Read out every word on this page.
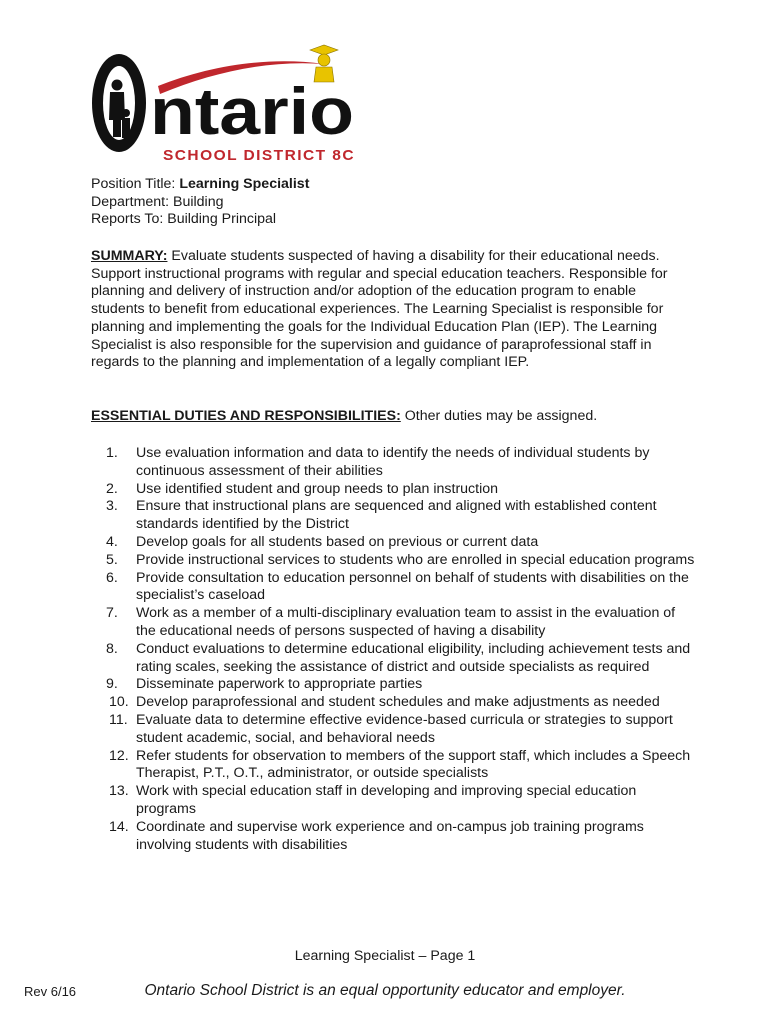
ntario
SCHOOL DISTRICT 8C
Position Title: Learning Specialist
Department: Building
Reports To: Building Principal

SUMMARY: Evaluate students suspected of having a disability for their educational needs. Support instructional programs with regular and special education teachers. Responsible for planning and delivery of instruction and/or adoption of the education program to enable students to benefit from educational experiences. The Learning Specialist is responsible for planning and implementing the goals for the Individual Education Plan (IEP). The Learning Specialist is also responsible for the supervision and guidance of paraprofessional staff in regards to the planning and implementation of a legally compliant IEP.

ESSENTIAL DUTIES AND RESPONSIBILITIES: Other duties may be assigned.
1.	Use evaluation information and data to identify the needs of individual students by continuous assessment of their abilities
2.	Use identified student and group needs to plan instruction
3.	Ensure that instructional plans are sequenced and aligned with established content standards identified by the District
4.	Develop goals for all students based on previous or current data
5.	Provide instructional services to students who are enrolled in special education programs
6.	Provide consultation to education personnel on behalf of students with disabilities on the specialist’s caseload
7.	Work as a member of a multi-disciplinary evaluation team to assist in the evaluation of the educational needs of persons suspected of having a disability
8.	Conduct evaluations to determine educational eligibility, including achievement tests and rating scales, seeking the assistance of district and outside specialists as required
9.	Disseminate paperwork to appropriate parties
10. Develop paraprofessional and student schedules and make adjustments as needed
11. Evaluate data to determine effective evidence-based curricula or strategies to support student academic, social, and behavioral needs
12. Refer students for observation to members of the support staff, which includes a Speech Therapist, P.T., O.T., administrator, or outside specialists
13. Work with special education staff in developing and improving special education programs
14. Coordinate and supervise work experience and on-campus job training programs involving students with disabilities
Learning Specialist – Page 1
Rev 6/16	Ontario School District is an equal opportunity educator and employer.
